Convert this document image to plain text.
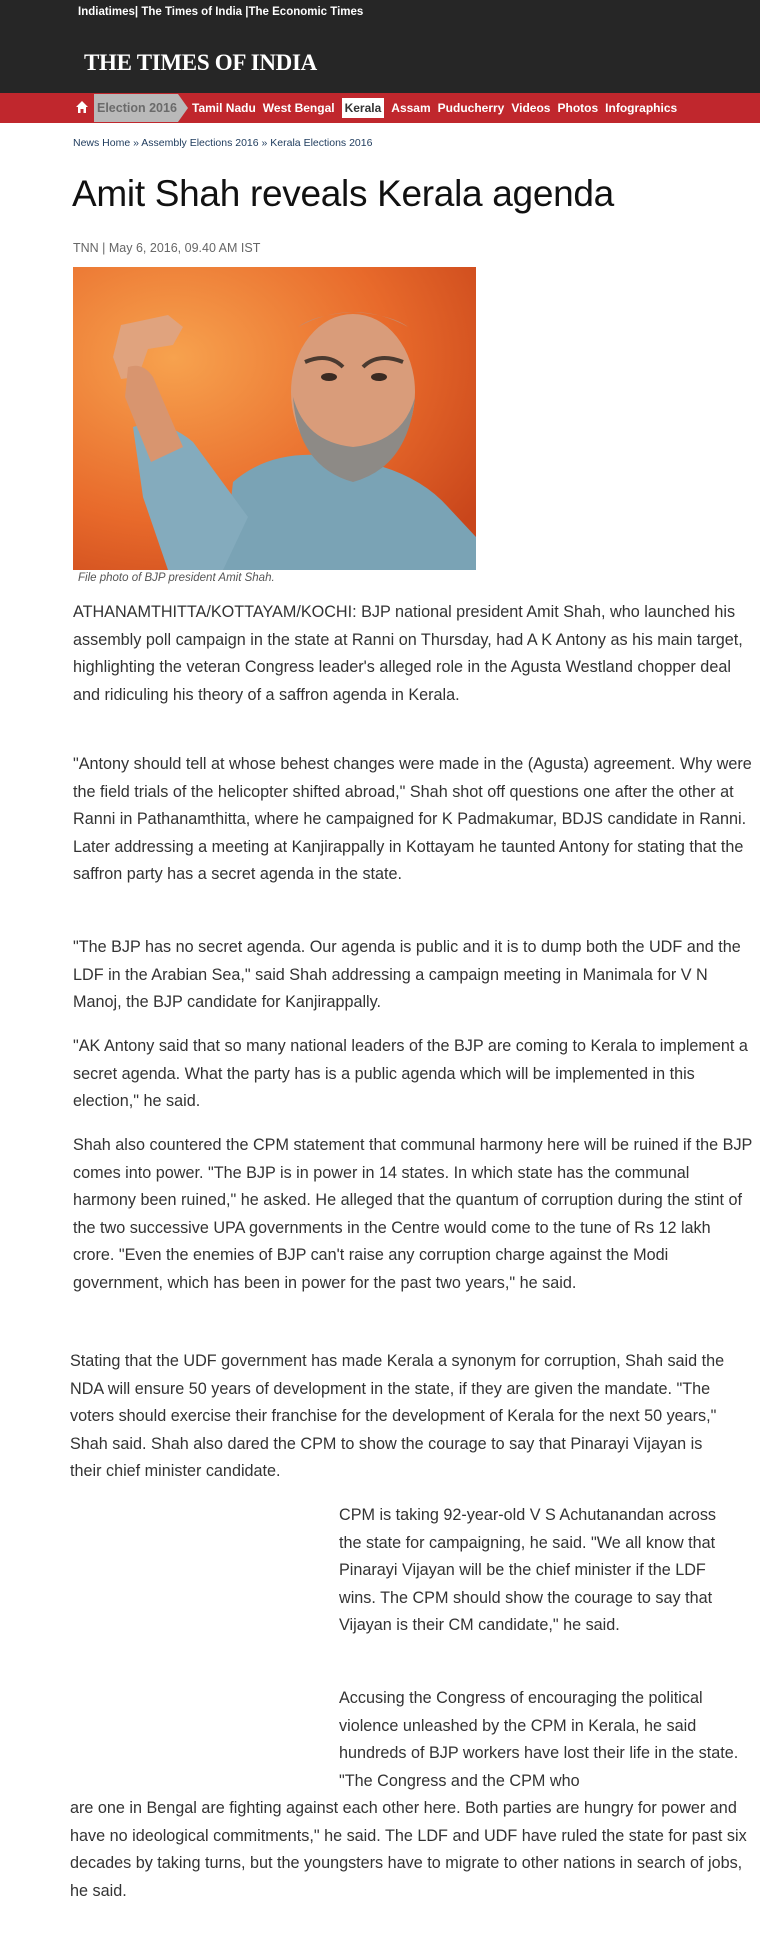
Indiatimes| The Times of India |The Economic Times
THE TIMES OF INDIA
Election 2016 Tamil Nadu West Bengal Kerala Assam Puducherry Videos Photos Infographics
News Home » Assembly Elections 2016 » Kerala Elections 2016
Amit Shah reveals Kerala agenda
TNN | May 6, 2016, 09.40 AM IST
File photo of BJP president Amit Shah.

ATHANAMTHITTA/KOTTAYAM/KOCHI: BJP national president Amit Shah, who launched his assembly poll campaign in the state at Ranni on Thursday, had A K Antony as his main target, highlighting the veteran Congress leader's alleged role in the Agusta Westland chopper deal and ridiculing his theory of a saffron agenda in Kerala.

"Antony should tell at whose behest changes were made in the (Agusta) agreement. Why were the field trials of the helicopter shifted abroad," Shah shot off questions one after the other at Ranni in Pathanamthitta, where he campaigned for K Padmakumar, BDJS candidate in Ranni. Later addressing a meeting at Kanjirappally in Kottayam he taunted Antony for stating that the saffron party has a secret agenda in the state.

"The BJP has no secret agenda. Our agenda is public and it is to dump both the UDF and the LDF in the Arabian Sea," said Shah addressing a campaign meeting in Manimala for V N Manoj, the BJP candidate for Kanjirappally.

"AK Antony said that so many national leaders of the BJP are coming to Kerala to implement a secret agenda. What the party has is a public agenda which will be implemented in this election," he said.

Shah also countered the CPM statement that communal harmony here will be ruined if the BJP comes into power. "The BJP is in power in 14 states. In which state has the communal harmony been ruined," he asked. He alleged that the quantum of corruption during the stint of the two successive UPA governments in the Centre would come to the tune of Rs 12 lakh crore. "Even the enemies of BJP can't raise any corruption charge against the Modi government, which has been in power for the past two years," he said.

Stating that the UDF government has made Kerala a synonym for corruption, Shah said the NDA will ensure 50 years of development in the state, if they are given the mandate. "The voters should exercise their franchise for the development of Kerala for the next 50 years," Shah said. Shah also dared the CPM to show the courage to say that Pinarayi Vijayan is their chief minister candidate.

CPM is taking 92-year-old V S Achutanandan across the state for campaigning, he said. "We all know that Pinarayi Vijayan will be the chief minister if the LDF wins. The CPM should show the courage to say that Vijayan is their CM candidate," he said.

Accusing the Congress of encouraging the political violence unleashed by the CPM in Kerala, he said hundreds of BJP workers have lost their life in the state. "The Congress and the CPM who

are one in Bengal are fighting against each other here. Both parties are hungry for power and have no ideological commitments," he said. The LDF and UDF have ruled the state for past six decades by taking turns, but the youngsters have to migrate to other nations in search of jobs, he said.
